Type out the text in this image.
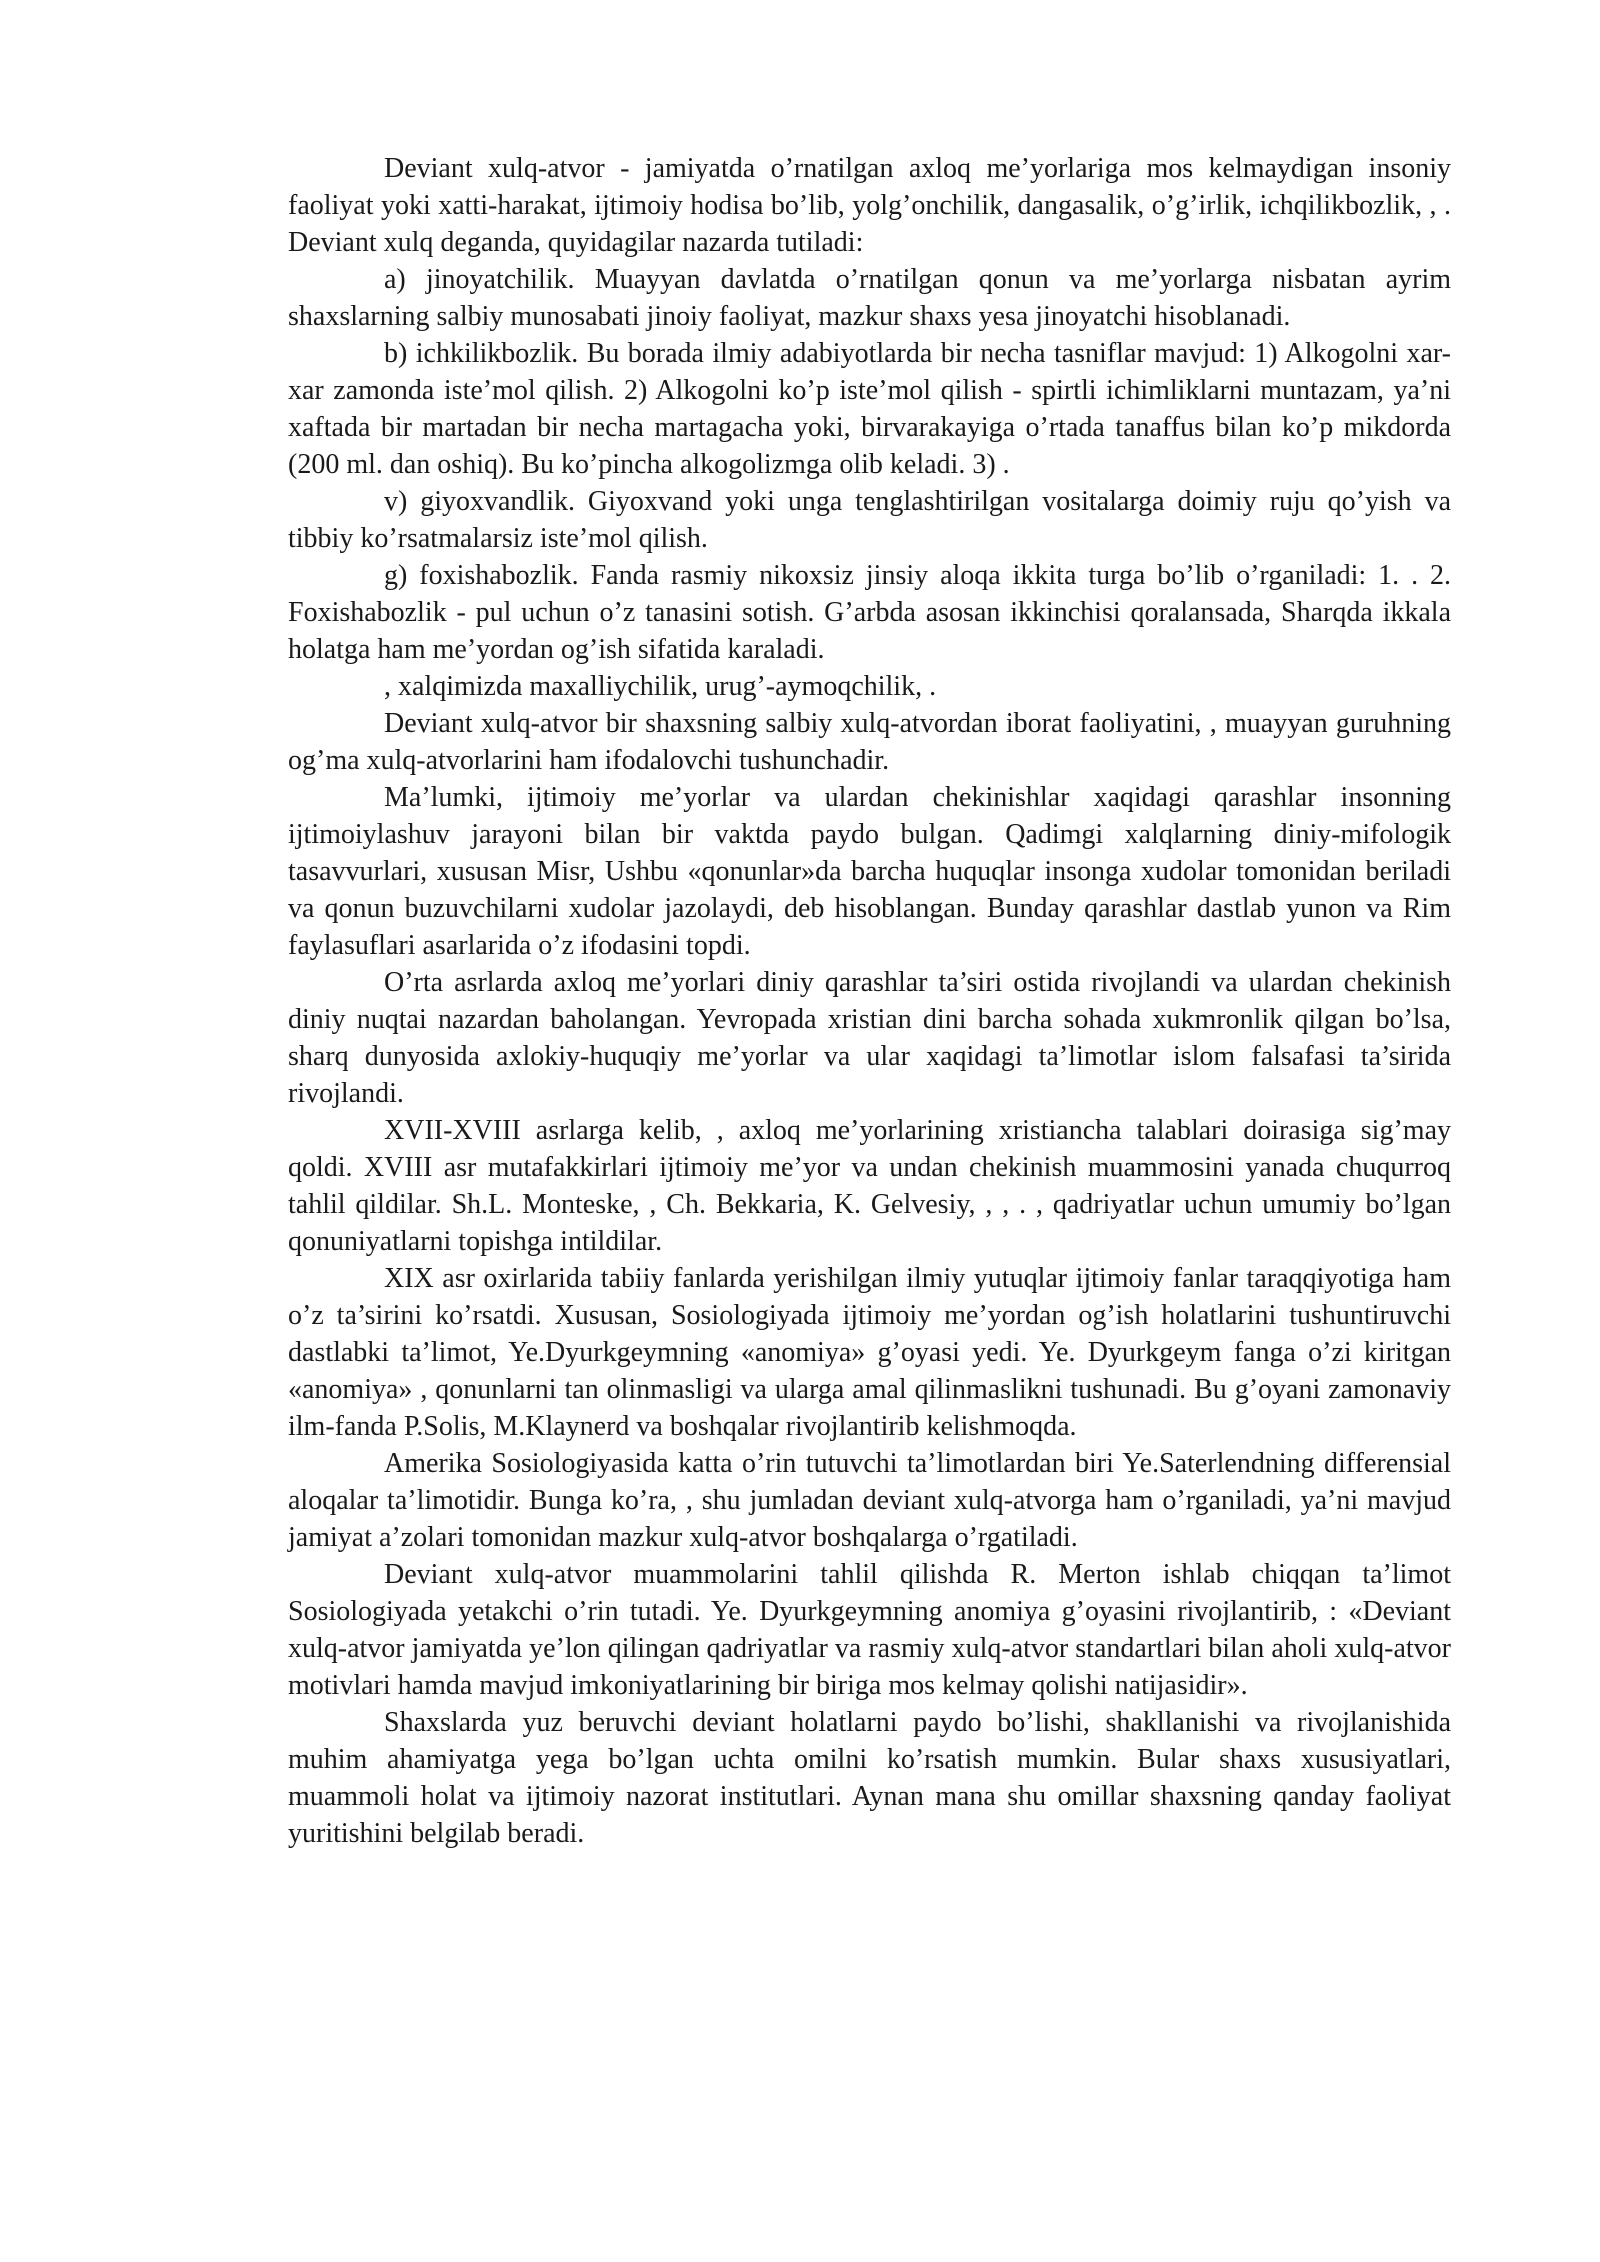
Deviant xulq-atvor - jamiyatda o’rnatilgan axloq me’yorlariga mos kelmaydigan insoniy faoliyat yoki xatti-harakat, ijtimoiy hodisa bo’lib, yolg’onchilik, dangasalik, o’g’irlik, ichqilikbozlik, , . Deviant xulq deganda, quyidagilar nazarda tutiladi:

a) jinoyatchilik. Muayyan davlatda o’rnatilgan qonun va me’yorlarga nisbatan ayrim shaxslarning salbiy munosabati jinoiy faoliyat, mazkur shaxs yesa jinoyatchi hisoblanadi.

b) ichkilikbozlik. Bu borada ilmiy adabiyotlarda bir necha tasniflar mavjud: 1) Alkogolni xar-xar zamonda iste’mol qilish. 2) Alkogolni ko’p iste’mol qilish - spirtli ichimliklarni muntazam, ya’ni xaftada bir martadan bir necha martagacha yoki, birvarakayiga o’rtada tanaffus bilan ko’p mikdorda (200 ml. dan oshiq). Bu ko’pincha alkogolizmga olib keladi. 3) .

v) giyoxvandlik. Giyoxvand yoki unga tenglashtirilgan vositalarga doimiy ruju qo’yish va tibbiy ko’rsatmalarsiz iste’mol qilish.

g) foxishabozlik. Fanda rasmiy nikoxsiz jinsiy aloqa ikkita turga bo’lib o’rganiladi: 1. . 2. Foxishabozlik - pul uchun o’z tanasini sotish. G’arbda asosan ikkinchisi qoralansada, Sharqda ikkala holatga ham me’yordan og’ish sifatida karaladi.

, xalqimizda maxalliychilik, urug’-aymoqchilik, .

Deviant xulq-atvor bir shaxsning salbiy xulq-atvordan iborat faoliyatini, , muayyan guruhning og’ma xulq-atvorlarini ham ifodalovchi tushunchadir.

Ma’lumki, ijtimoiy me’yorlar va ulardan chekinishlar xaqidagi qarashlar insonning ijtimoiylashuv jarayoni bilan bir vaktda paydo bulgan. Qadimgi xalqlarning diniy-mifologik tasavvurlari, xususan Misr, Ushbu «qonunlar»da barcha huquqlar insonga xudolar tomonidan beriladi va qonun buzuvchilarni xudolar jazolaydi, deb hisoblangan. Bunday qarashlar dastlab yunon va Rim faylasuflari asarlarida o’z ifodasini topdi.

O’rta asrlarda axloq me’yorlari diniy qarashlar ta’siri ostida rivojlandi va ulardan chekinish diniy nuqtai nazardan baholangan. Yevropada xristian dini barcha sohada xukmronlik qilgan bo’lsa, sharq dunyosida axlokiy-huquqiy me’yorlar va ular xaqidagi ta’limotlar islom falsafasi ta’sirida rivojlandi.

XVII-XVIII asrlarga kelib, , axloq me’yorlarining xristiancha talablari doirasiga sig’may qoldi. XVIII asr mutafakkirlari ijtimoiy me’yor va undan chekinish muammosini yanada chuqurroq tahlil qildilar. Sh.L. Monteske, , Ch. Bekkaria, K. Gelvesiy, , , . , qadriyatlar uchun umumiy bo’lgan qonuniyatlarni topishga intildilar.

XIX asr oxirlarida tabiiy fanlarda yerishilgan ilmiy yutuqlar ijtimoiy fanlar taraqqiyotiga ham o’z ta’sirini ko’rsatdi. Xususan, Sosiologiyada ijtimoiy me’yordan og’ish holatlarini tushuntiruvchi dastlabki ta’limot, Ye.Dyurkgeymning «anomiya» g’oyasi yedi. Ye. Dyurkgeym fanga o’zi kiritgan «anomiya» , qonunlarni tan olinmasligi va ularga amal qilinmaslikni tushunadi. Bu g’oyani zamonaviy ilm-fanda P.Solis, M.Klaynerd va boshqalar rivojlantirib kelishmoqda.

Amerika Sosiologiyasida katta o’rin tutuvchi ta’limotlardan biri Ye.Saterlendning differensial aloqalar ta’limotidir. Bunga ko’ra, , shu jumladan deviant xulq-atvorga ham o’rganiladi, ya’ni mavjud jamiyat a’zolari tomonidan mazkur xulq-atvor boshqalarga o’rgatiladi.

Deviant xulq-atvor muammolarini tahlil qilishda R. Merton ishlab chiqqan ta’limot Sosiologiyada yetakchi o’rin tutadi. Ye. Dyurkgeymning anomiya g’oyasini rivojlantirib, : «Deviant xulq-atvor jamiyatda ye’lon qilingan qadriyatlar va rasmiy xulq-atvor standartlari bilan aholi xulq-atvor motivlari hamda mavjud imkoniyatlarining bir biriga mos kelmay qolishi natijasidir».

Shaxslarda yuz beruvchi deviant holatlarni paydo bo’lishi, shakllanishi va rivojlanishida muhim ahamiyatga yega bo’lgan uchta omilni ko’rsatish mumkin. Bular shaxs xususiyatlari, muammoli holat va ijtimoiy nazorat institutlari. Aynan mana shu omillar shaxsning qanday faoliyat yuritishini belgilab beradi.
